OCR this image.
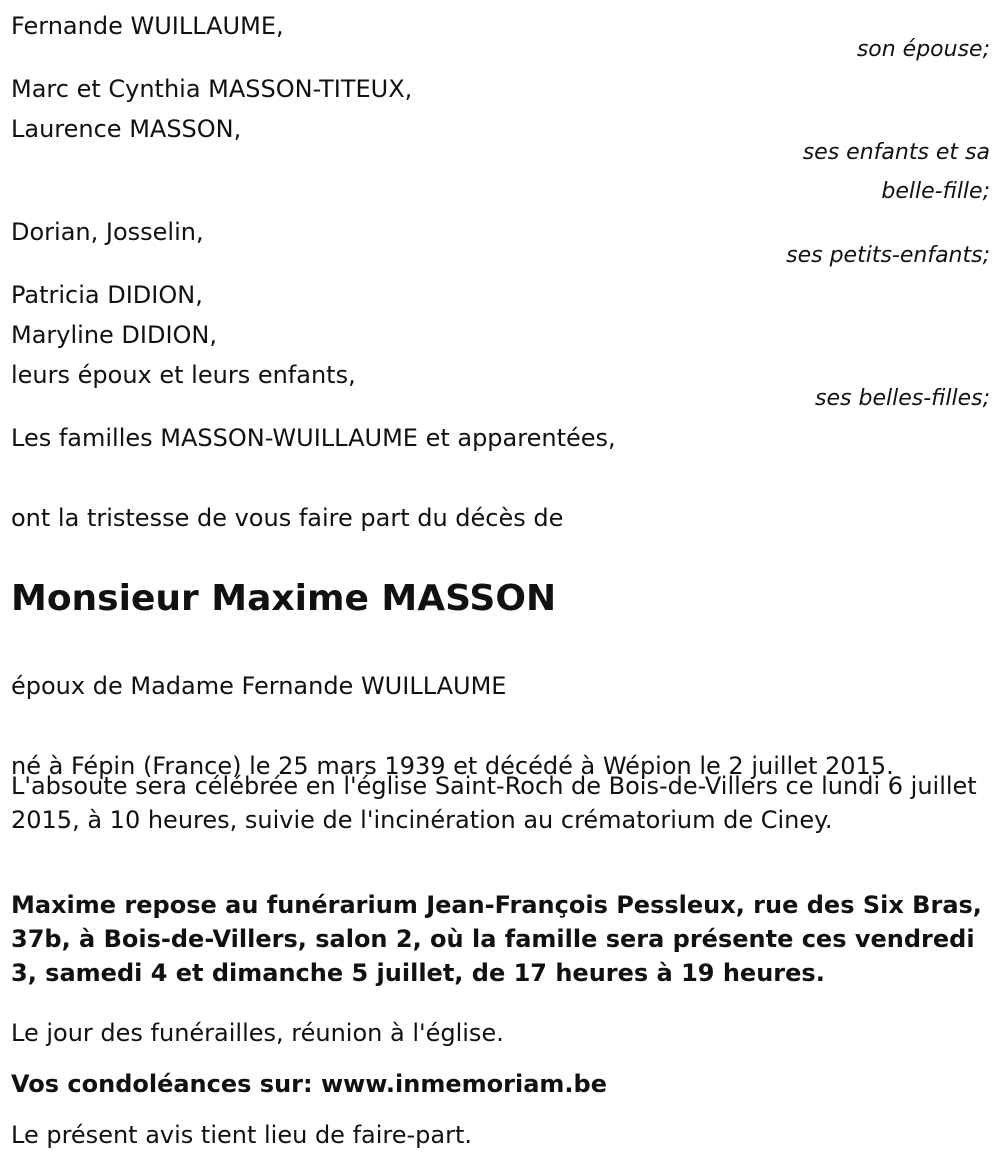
Fernande WUILLAUME,
son épouse;
Marc et Cynthia MASSON-TITEUX,
Laurence MASSON,
ses enfants et sa
belle-fille;
Dorian, Josselin,
ses petits-enfants;
Patricia DIDION,
Maryline DIDION,
leurs époux et leurs enfants,
ses belles-filles;
Les familles MASSON-WUILLAUME et apparentées,
ont la tristesse de vous faire part du décès de
Monsieur Maxime MASSON
époux de Madame Fernande WUILLAUME
né à Fépin (France) le 25 mars 1939 et décédé à Wépion le 2 juillet 2015.
L'absoute sera célébrée en l'église Saint-Roch de Bois-de-Villers ce lundi 6 juillet 2015, à 10 heures, suivie de l'incinération au crématorium de Ciney.
Maxime repose au funérarium Jean-François Pessleux, rue des Six Bras, 37b, à Bois-de-Villers, salon 2, où la famille sera présente ces vendredi 3, samedi 4 et dimanche 5 juillet, de 17 heures à 19 heures.
Le jour des funérailles, réunion à l'église.
Vos condoléances sur: www.inmemoriam.be
Le présent avis tient lieu de faire-part.
